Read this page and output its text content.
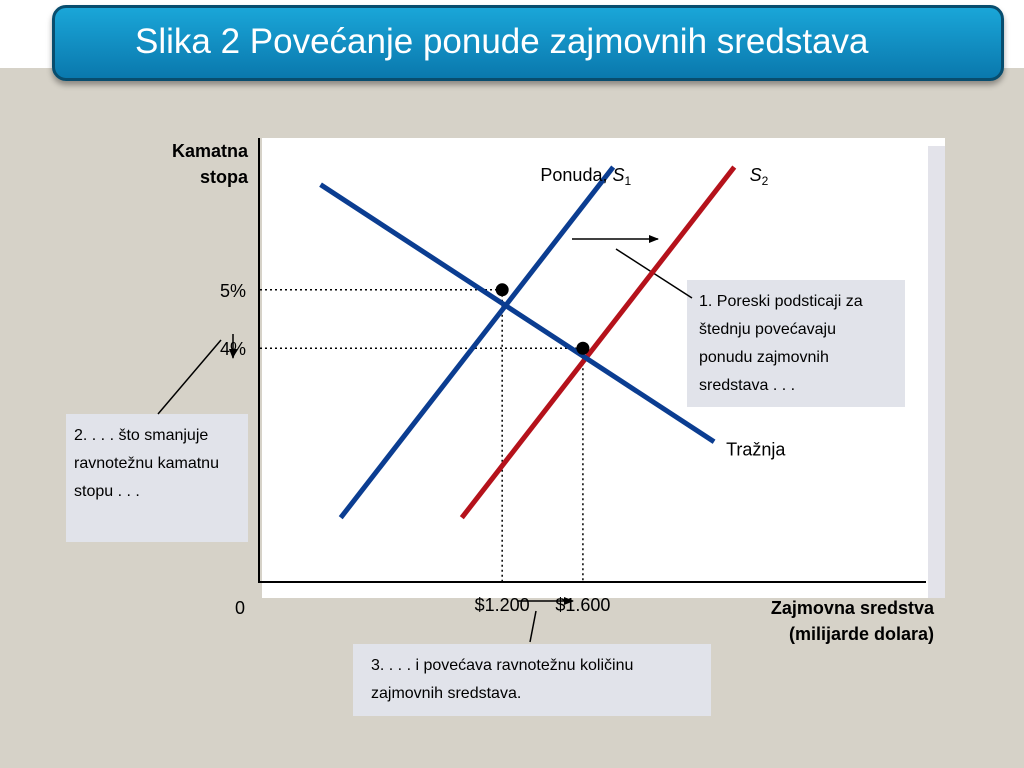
Slika 2 Povećanje ponude zajmovnih sredstava
Kamatna
stopa
Zajmovna sredstva
(milijarde dolara)
0
1. Poreski podsticaji za štednju povećavaju ponudu zajmovnih sredstava . . .
2. . . . što smanjuje ravnotežnu kamatnu stopu . . .
3. . . . i povećava ravnotežnu količinu zajmovnih sredstava.
Ponuda, $S_1$	$S_2$
Tražnja
5%
4%
$1.200 $1.600
